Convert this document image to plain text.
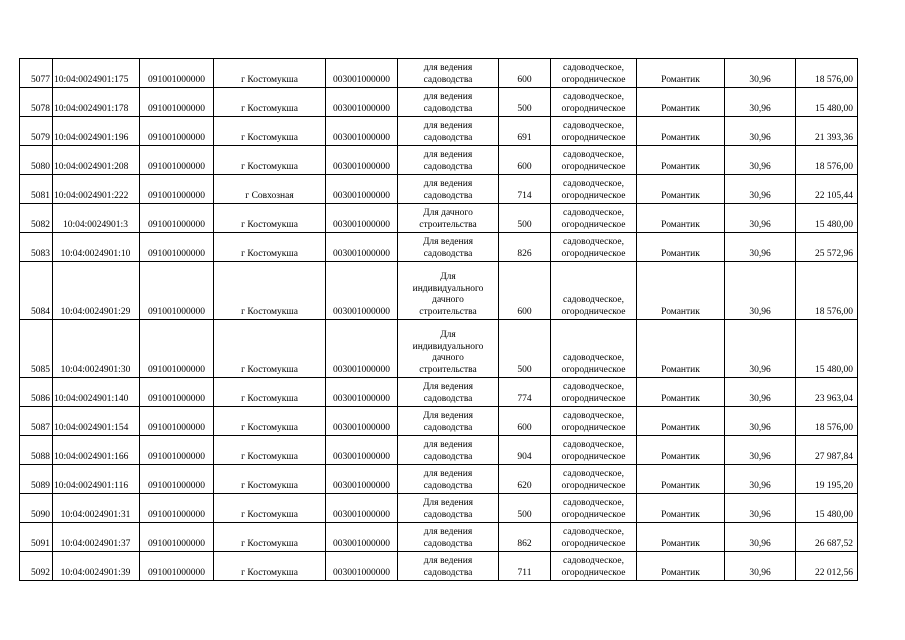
5077	10:04:0024901:175	091001000000	г Костомукша	003001000000	для ведения
садоводства	600	садоводческое,
огородническое	Романтик	30,96	18 576,00
5078	10:04:0024901:178	091001000000	г Костомукша	003001000000	для ведения
садоводства	500	садоводческое,
огородническое	Романтик	30,96	15 480,00
5079	10:04:0024901:196	091001000000	г Костомукша	003001000000	для ведения
садоводства	691	садоводческое,
огородническое	Романтик	30,96	21 393,36
5080	10:04:0024901:208	091001000000	г Костомукша	003001000000	для ведения
садоводства	600	садоводческое,
огородническое	Романтик	30,96	18 576,00
5081	10:04:0024901:222	091001000000	г Совхозная	003001000000	для ведения
садоводства	714	садоводческое,
огородническое	Романтик	30,96	22 105,44
5082	10:04:0024901:3	091001000000	г Костомукша	003001000000	Для дачного
строительства	500	садоводческое,
огородническое	Романтик	30,96	15 480,00
5083	10:04:0024901:10	091001000000	г Костомукша	003001000000	Для ведения
садоводства	826	садоводческое,
огородническое	Романтик	30,96	25 572,96
5084	10:04:0024901:29	091001000000	г Костомукша	003001000000	Для
индивидуального
дачного
строительства	600	садоводческое,
огородническое	Романтик	30,96	18 576,00
5085	10:04:0024901:30	091001000000	г Костомукша	003001000000	Для
индивидуального
дачного
строительства	500	садоводческое,
огородническое	Романтик	30,96	15 480,00
5086	10:04:0024901:140	091001000000	г Костомукша	003001000000	Для ведения
садоводства	774	садоводческое,
огородническое	Романтик	30,96	23 963,04
5087	10:04:0024901:154	091001000000	г Костомукша	003001000000	Для ведения
садоводства	600	садоводческое,
огородническое	Романтик	30,96	18 576,00
5088	10:04:0024901:166	091001000000	г Костомукша	003001000000	для ведения
садоводства	904	садоводческое,
огородническое	Романтик	30,96	27 987,84
5089	10:04:0024901:116	091001000000	г Костомукша	003001000000	для ведения
садоводства	620	садоводческое,
огородническое	Романтик	30,96	19 195,20
5090	10:04:0024901:31	091001000000	г Костомукша	003001000000	Для ведения
садоводства	500	садоводческое,
огородническое	Романтик	30,96	15 480,00
5091	10:04:0024901:37	091001000000	г Костомукша	003001000000	для ведения
садоводства	862	садоводческое,
огородническое	Романтик	30,96	26 687,52
5092	10:04:0024901:39	091001000000	г Костомукша	003001000000	для ведения
садоводства	711	садоводческое,
огородническое	Романтик	30,96	22 012,56
